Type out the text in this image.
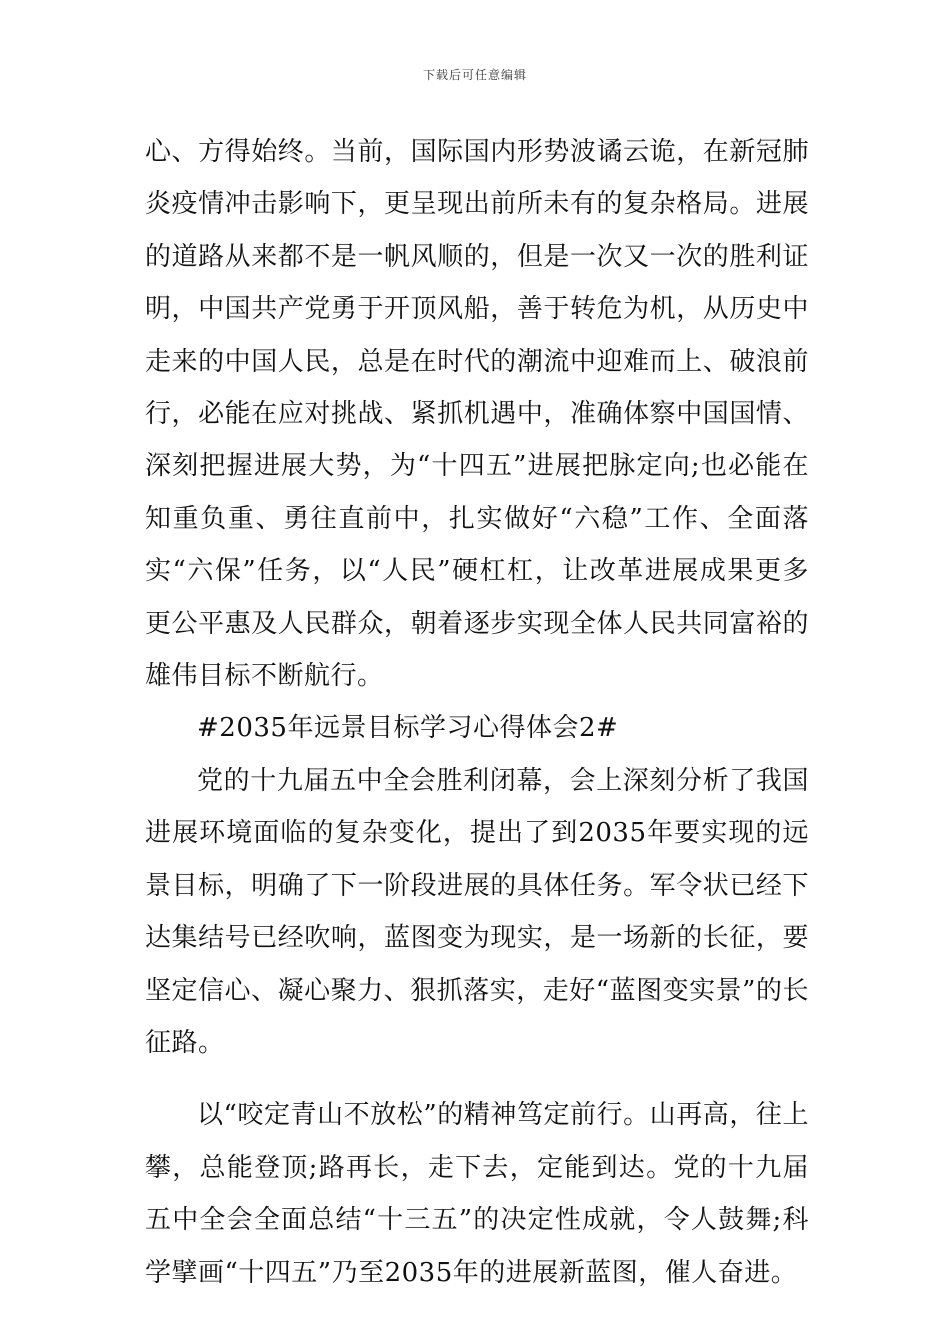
下载后可任意编辑

心、方得始终。当前，国际国内形势波谲云诡，在新冠肺炎疫情冲击影响下，更呈现出前所未有的复杂格局。进展的道路从来都不是一帆风顺的，但是一次又一次的胜利证明，中国共产党勇于开顶风船，善于转危为机，从历史中走来的中国人民，总是在时代的潮流中迎难而上、破浪前行，必能在应对挑战、紧抓机遇中，准确体察中国国情、深刻把握进展大势，为“十四五”进展把脉定向;也必能在知重负重、勇往直前中，扎实做好“六稳”工作、全面落实“六保”任务，以“人民”硬杠杠，让改革进展成果更多更公平惠及人民群众，朝着逐步实现全体人民共同富裕的雄伟目标不断航行。

#2035年远景目标学习心得体会2#

党的十九届五中全会胜利闭幕，会上深刻分析了我国进展环境面临的复杂变化，提出了到2035年要实现的远景目标，明确了下一阶段进展的具体任务。军令状已经下达集结号已经吹响，蓝图变为现实，是一场新的长征，要坚定信心、凝心聚力、狠抓落实，走好“蓝图变实景”的长征路。

以“咬定青山不放松”的精神笃定前行。山再高，往上攀，总能登顶;路再长，走下去，定能到达。党的十九届五中全会全面总结“十三五”的决定性成就，令人鼓舞;科学擘画“十四五”乃至2035年的进展新蓝图，催人奋进。
